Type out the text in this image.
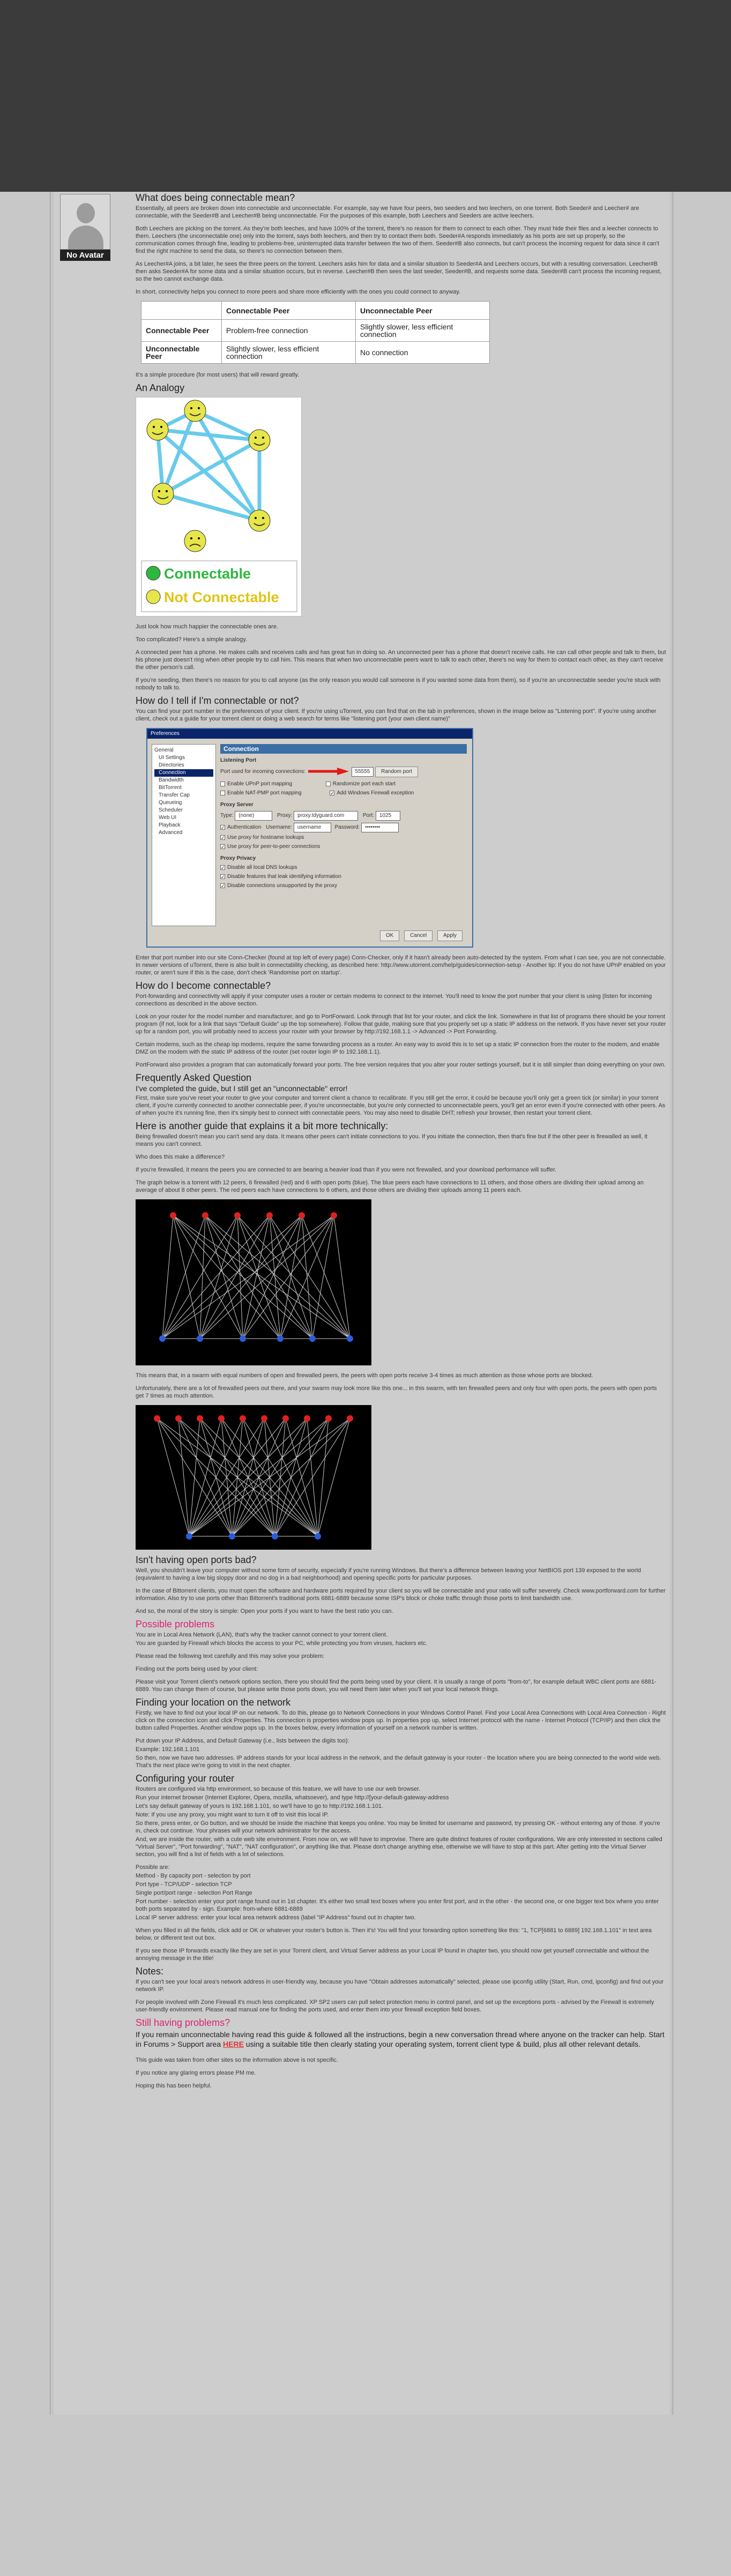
No Avatar
What does being connectable mean?

Essentially, all peers are broken down into connectable and unconnectable. For example, say we have four peers, two seeders and two leechers, on one torrent. Both Seeder# and Leecher# are connectable, with the Seeder#B and Leecher#B being unconnectable. For the purposes of this example, both Leechers and Seeders are active leechers.

Both Leechers are picking on the torrent. As they're both leeches, and have 100% of the torrent, there's no reason for them to connect to each other. They must hide their files and a leecher connects to them. Leechers (the unconnectable one) only into the torrent, says both leechers, and then try to contact them both. Seeder#A responds immediately as his ports are set up properly, so the communication comes through fine, leading to problems-free, uninterrupted data transfer between the two of them. Seeder#B also connects, but can't process the incoming request for data since it can't find the right machine to send the data, so there's no connection between them.

As Leecher#A joins, a bit later, he sees the three peers on the torrent. Leechers asks him for data and a similar situation to Seeder#A and Leechers occurs, but with a resulting conversation. Leecher#B then asks Seeder#A for some data and a similar situation occurs, but in reverse. Leecher#B then sees the last seeder, Seeder#B, and requests some data. Seeder#B can't process the incoming request, so the two cannot exchange data.

In short, connectivity helps you connect to more peers and share more efficiently with the ones you could connect to anyway.

	Connectable Peer	Unconnectable Peer
Connectable Peer	Problem-free connection	Slightly slower, less efficient connection
Unconnectable Peer	Slightly slower, less efficient connection	No connection

It's a simple procedure (for most users) that will reward greatly.

An Analogy
Connectable
Not Connectable

Just look how much happier the connectable ones are.

Too complicated? Here's a simple analogy.

A connected peer has a phone. He makes calls and receives calls and has great fun in doing so. An unconnected peer has a phone that doesn't receive calls. He can call other people and talk to them, but his phone just doesn't ring when other people try to call him. This means that when two unconnectable peers want to talk to each other, there's no way for them to contact each other, as they can't receive the other person's call.

If you're seeding, then there's no reason for you to call anyone (as the only reason you would call someone is if you wanted some data from them), so if you're an unconnectable seeder you're stuck with nobody to talk to.

How do I tell if I'm connectable or not?

You can find your port number in the preferences of your client. If you're using uTorrent, you can find that on the tab in preferences, shown in the image below as "Listening port". If you're using another client, check out a guide for your torrent client or doing a web search for terms like "listening port (your own client name)"

Preferences
General
UI Settings
Directories
Connection
Bandwidth
BitTorrent
Transfer Cap
Queueing
Scheduler
Web UI
Playback
Advanced
Connection
Listening Port
Port used for incoming connections:	55555 Random port
Enable UPnP port mapping	Randomize port each start
Enable NAT-PMP port mapping ✓	Add Windows Firewall exception
Proxy Server
Type: (none)	Proxy: proxy.tdyguard.com	Port: 1025
✓Authentication Username: username	Password: ••••••••
✓Use proxy for hostname lookups
✓Use proxy for peer-to-peer connections
Proxy Privacy
✓Disable all local DNS lookups
✓Disable features that leak identifying information
✓Disable connections unsupported by the proxy
OK	Cancel	Apply

Enter that port number into our site Conn-Checker (found at top left of every page) Conn-Checker, only if it hasn't already been auto-detected by the system. From what I can see, you are not connectable. In newer versions of uTorrent, there is also built in connectability checking, as described here: http://www.utorrent.com/help/guides/connection-setup - Another tip: If you do not have UPnP enabled on your router, or aren't sure if this is the case, don't check 'Randomise port on startup'.

How do I become connectable?

Port-forwarding and connectivity will apply if your computer uses a router or certain modems to connect to the internet. You'll need to know the port number that your client is using (listen for incoming connections as described in the above section.

Look on your router for the model number and manufacturer, and go to PortForward. Look through that list for your router, and click the link. Somewhere in that list of programs there should be your torrent program (if not, look for a link that says "Default Guide" up the top somewhere). Follow that guide, making sure that you properly set up a static IP address on the network. If you have never set your router up for a random port, you will probably need to access your router with your browser by http://192.168.1.1 -> Advanced -> Port Forwarding.

Certain modems, such as the cheap isp modems, require the same forwarding process as a router. An easy way to avoid this is to set up a static IP connection from the router to the modem, and enable DMZ on the modem with the static IP address of the router (set router login IP to 192.168.1.1).

PortForward also provides a program that can automatically forward your ports. The free version requires that you alter your router settings yourself, but it is still simpler than doing everything on your own.

Frequently Asked Question

I've completed the guide, but I still get an "unconnectable" error!

First, make sure you've reset your router to give your computer and torrent client a chance to recalibrate. If you still get the error, it could be because you'll only get a green tick (or similar) in your torrent client, if you're currently connected to another connectable peer, if you're unconnectable, but you're only connected to unconnectable peers, you'll get an error even if you're connected with other peers. As of when you're it's running fine, then it's simply best to connect with connectable peers. You may also need to disable DHT; refresh your browser, then restart your torrent client.

Here is another guide that explains it a bit more technically:

Being firewalled doesn't mean you can't send any data. It means other peers can't initiate connections to you. If you initiate the connection, then that's fine but if the other peer is firewalled as well, it means you can't connect.

Who does this make a difference?

If you're firewalled, it means the peers you are connected to are bearing a heavier load than if you were not firewalled, and your download performance will suffer.

The graph below is a torrent with 12 peers, 6 firewalled (red) and 6 with open ports (blue). The blue peers each have connections to 11 others, and those others are dividing their upload among an average of about 8 other peers. The red peers each have connections to 6 others, and those others are dividing their uploads among 11 peers each.

This means that, in a swarm with equal numbers of open and firewalled peers, the peers with open ports receive 3-4 times as much attention as those whose ports are blocked.

Unfortunately, there are a lot of firewalled peers out there, and your swarm may look more like this one... in this swarm, with ten firewalled peers and only four with open ports, the peers with open ports get 7 times as much attention.

Isn't having open ports bad?

Well, you shouldn't leave your computer without some form of security, especially if you're running Windows. But there's a difference between leaving your NetBIOS port 139 exposed to the world (equivalent to having a low big sloppy door and no dog in a bad neighborhood) and opening specific ports for particular purposes.

In the case of Bittorrent clients, you must open the software and hardware ports required by your client so you will be connectable and your ratio will suffer severely. Check www.portforward.com for further information. Also try to use ports other than Bittorrent's traditional ports 6881-6889 because some ISP's block or choke traffic through those ports to limit bandwidth use.

And so, the moral of the story is simple: Open your ports if you want to have the best ratio you can.

Possible problems

You are in Local Area Network (LAN), that's why the tracker cannot connect to your torrent client.

You are guarded by Firewall which blocks the access to your PC, while protecting you from viruses, hackers etc.

Please read the following text carefully and this may solve your problem:

Finding out the ports being used by your client:

Please visit your Torrent client's network options section, there you should find the ports being used by your client. It is usually a range of ports "from-to", for example default WBC client ports are 6881-6889. You can change them of course, but please write those ports down, you will need them later when you'll set your local network things.

Finding your location on the network

Firstly, we have to find out your local IP on our network. To do this, please go to Network Connections in your Windows Control Panel. Find your Local Area Connections with Local Area Connection - Right click on the connection icon and click Properties. This connection is properties window pops up. In properties pop up, select Internet protocol with the name - Internet Protocol (TCP/IP) and then click the button called Properties. Another window pops up. In the boxes below, every information of yourself on a network number is written.

Put down your IP Address, and Default Gateway (i.e., lists between the digits too):

Example: 192.168.1.101

So then, now we have two addresses. IP address stands for your local address in the network, and the default gateway is your router - the location where you are being connected to the world wide web. That's the next place we're going to visit in the next chapter.

Configuring your router

Routers are configured via http environment, so because of this feature, we will have to use our web browser.

Run your internet browser (Internet Explorer, Opera, mozilla, whatsoever), and type http://[your-default-gateway-address

Let's say default gateway of yours is 192.168.1.101, so we'll have to go to http://192.168.1.101.

Note: If you use any proxy, you might want to turn it off to visit this local IP.

So there, press enter, or Go button, and we should be inside the machine that keeps you online. You may be limited for username and password, try pressing OK - without entering any of those. If you're in, check out continue. Your phrases will your network administrator for the access.

And, we are inside the router, with a cute web site environment. From now on, we will have to improvise. There are quite distinct features of router configurations. We are only interested in sections called "Virtual Server", "Port forwarding", "NAT", "NAT configuration", or anything like that. Please don't change anything else, otherwise we will have to stop at this part. After getting into the Virtual Server section, you will find a list of fields with a lot of selections.

Possible are:

Method - By capacity port - selection by port

Port type - TCP/UDP - selection TCP

Single port/port range - selection Port Range

Port number - selection enter your port range found out in 1st chapter. It's either two small text boxes where you enter first port, and in the other - the second one, or one bigger text box where you enter both ports separated by - sign. Example: from-where 6881-6889

Local IP server address: enter your local area network address (label "IP Address" found out in chapter two.

When you filled in all the fields, click add or OK or whatever your router's button is. Then it's! You will find your forwarding option something like this: "1, TCP[6881 to 6889] 192.168.1.101" in text area below, or different text out box.

If you see those IP forwards exactly like they are set in your Torrent client, and Virtual Server address as your Local IP found in chapter two, you should now get yourself connectable and without the annoying message in the title!

Notes:

If you can't see your local area's network address in user-friendly way, because you have "Obtain addresses automatically" selected, please use ipconfig utility (Start, Run, cmd, ipconfig) and find out your network IP.

For people involved with Zone Firewall it's much less complicated. XP SP2 users can pull select protection menu in control panel, and set up the exceptions ports - advised by the Firewall is extremely user-friendly environment. Please read manual one for finding the ports used, and enter them into your firewall exception field boxes.

Still having problems?

If you remain unconnectable having read this guide & followed all the instructions, begin a new conversation thread where anyone on the tracker can help. Start in Forums > Support area HERE using a suitable title then clearly stating your operating system, torrent client type & build, plus all other relevant details.

This guide was taken from other sites so the information above is not specific.

If you notice any glaring errors please PM me.

Hoping this has been helpful.
